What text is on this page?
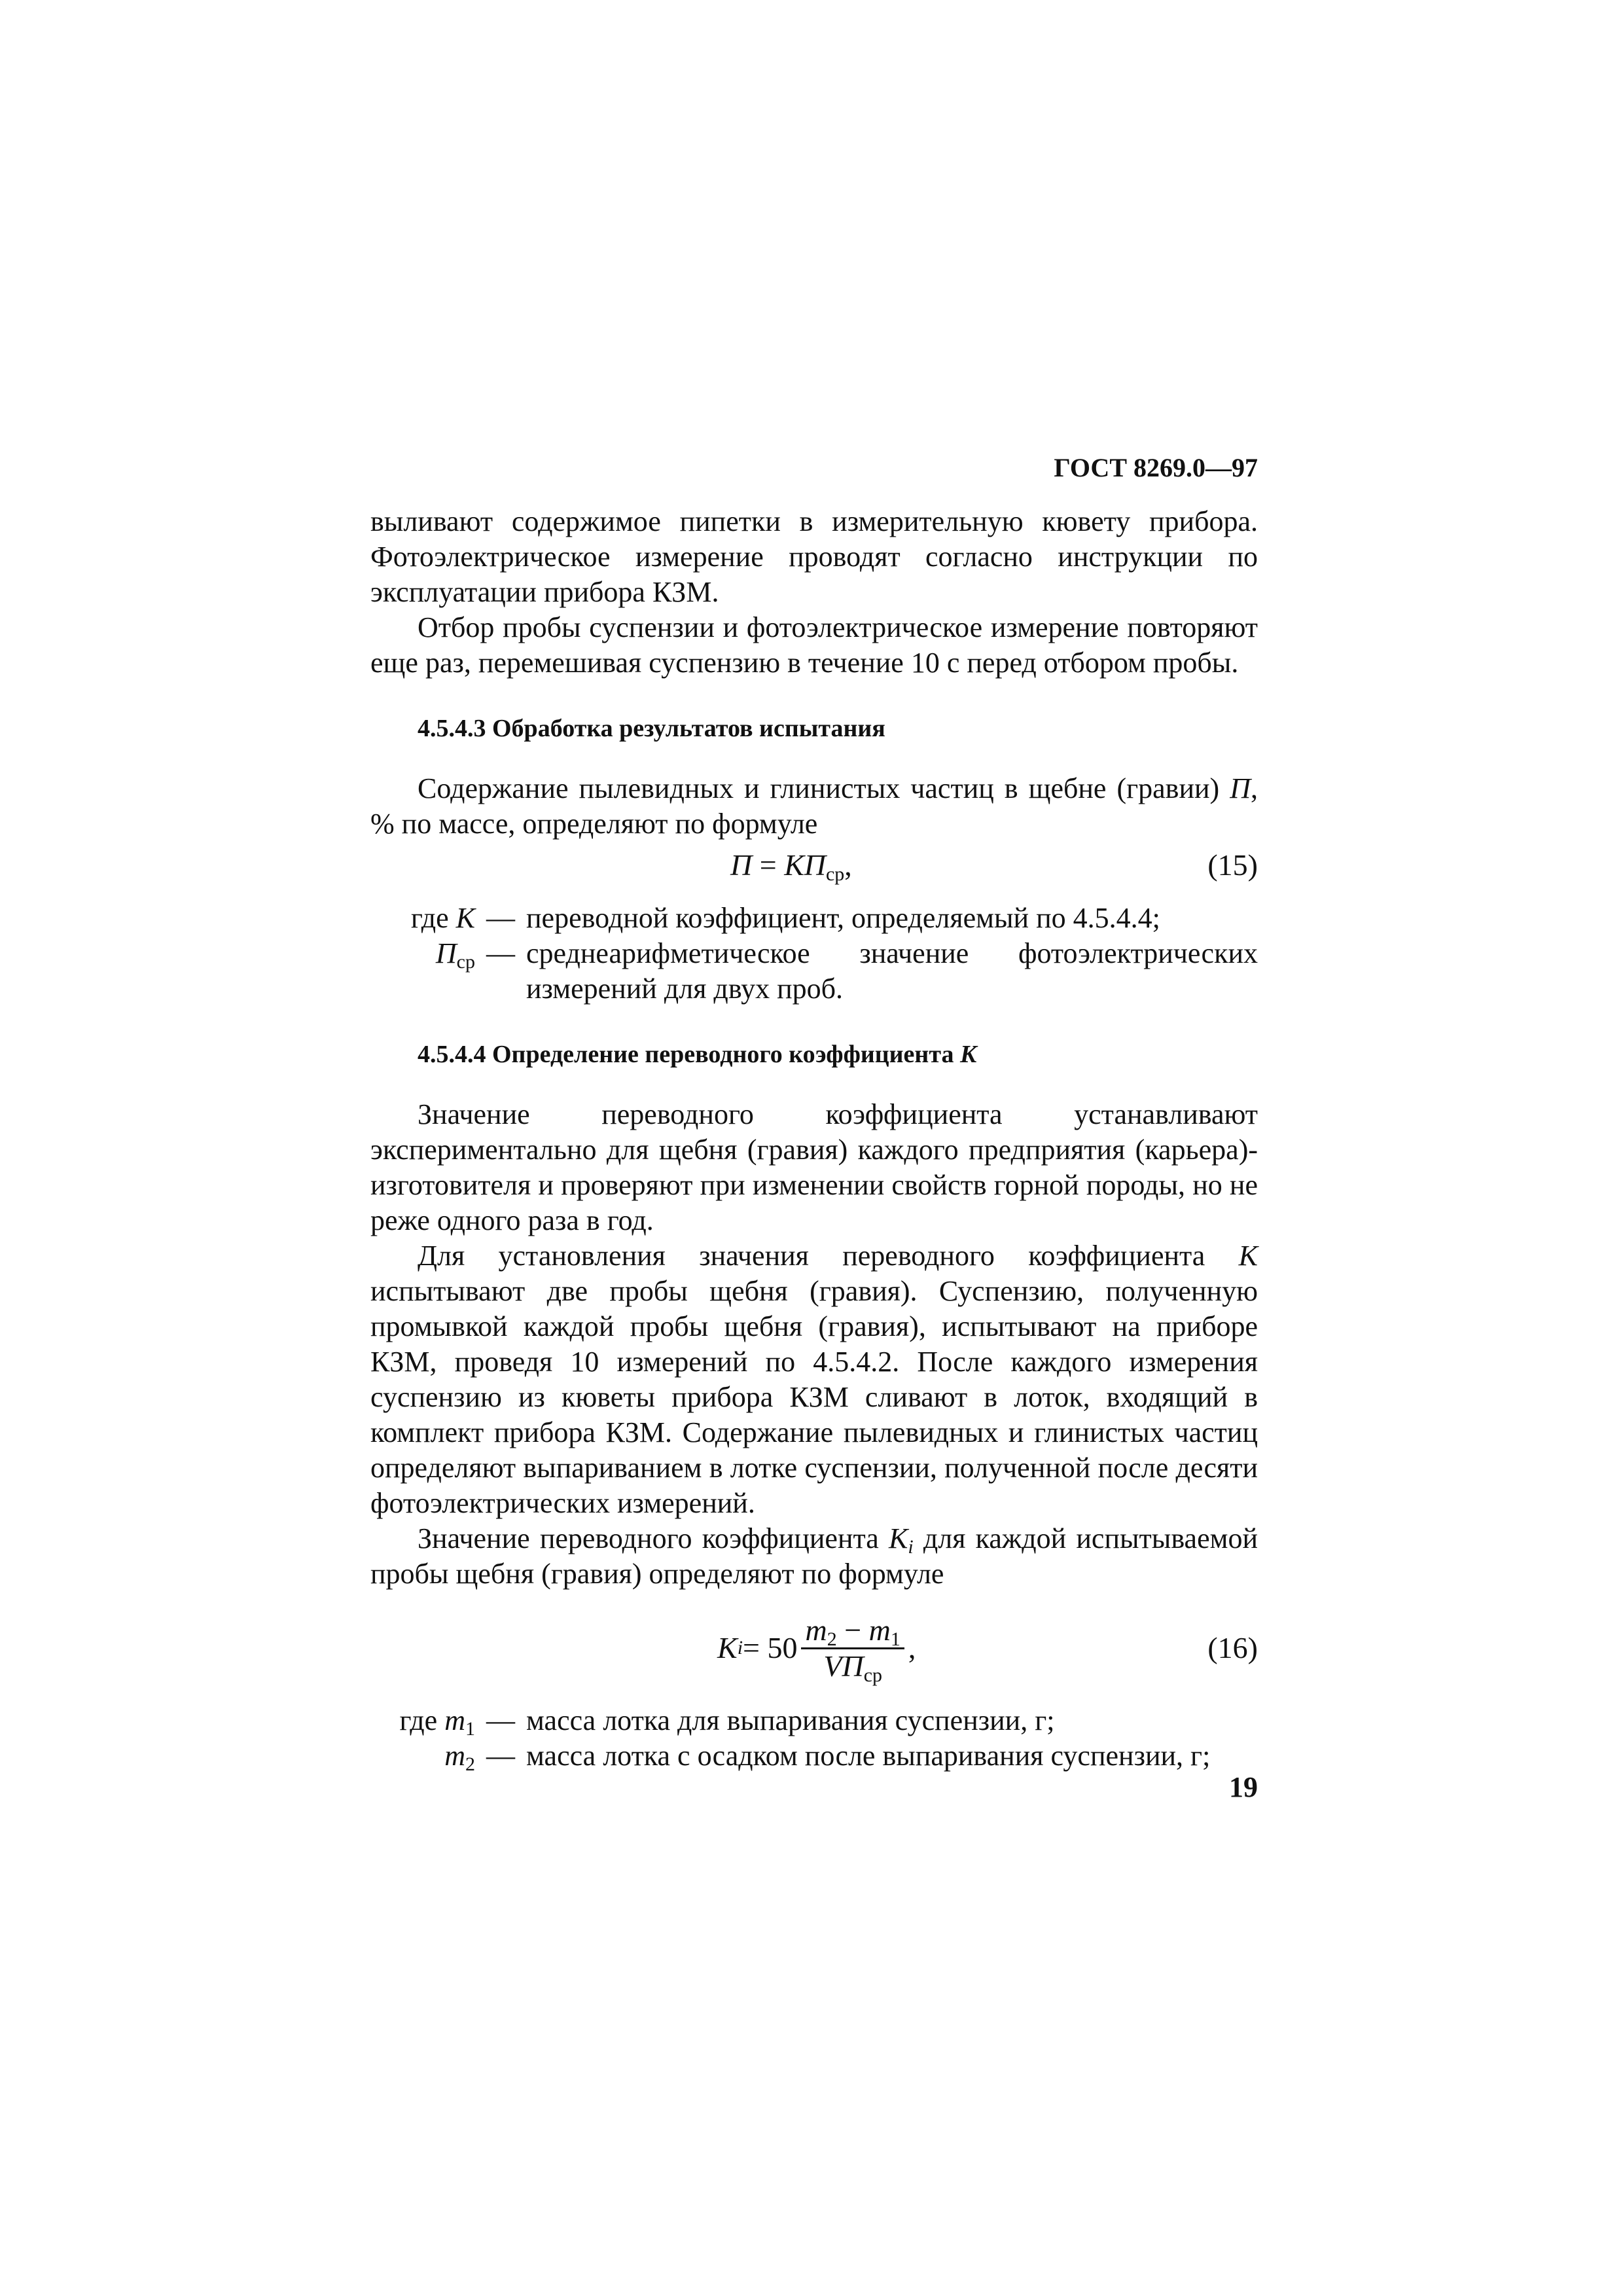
ГОСТ 8269.0—97

выливают содержимое пипетки в измерительную кювету прибора. Фотоэлектрическое измерение проводят согласно инструкции по эксплуатации прибора КЗМ.

Отбор пробы суспензии и фотоэлектрическое измерение повторяют еще раз, перемешивая суспензию в течение 10 с перед отбором пробы.

4.5.4.3 Обработка результатов испытания

Содержание пылевидных и глинистых частиц в щебне (гравии) П, % по массе, определяют по формуле

$П = КП_{ср}$,	(15)
где K — переводной коэффициент, определяемый по 4.5.4.4;
$П_{ср}$ — среднеарифметическое значение фотоэлектрических измерений для двух проб.

4.5.4.4 Определение переводного коэффициента K

Значение переводного коэффициента устанавливают экспериментально для щебня (гравия) каждого предприятия (карьера)-изготовителя и проверяют при изменении свойств горной породы, но не реже одного раза в год.

Для установления значения переводного коэффициента K испытывают две пробы щебня (гравия). Суспензию, полученную промывкой каждой пробы щебня (гравия), испытывают на приборе КЗМ, проведя 10 измерений по 4.5.4.2. После каждого измерения суспензию из кюветы прибора КЗМ сливают в лоток, входящий в комплект прибора КЗМ. Содержание пылевидных и глинистых частиц определяют выпариванием в лотке суспензии, полученной после десяти фотоэлектрических измерений.

Значение переводного коэффициента $K_i$ для каждой испытываемой пробы щебня (гравия) определяют по формуле

K $i = 50 \frac{m_2 - m_1}{VП_{ср}}$ ,	(16)
где $m_1$ — масса лотка для выпаривания суспензии, г;
$m_2$ — масса лотка с осадком после выпаривания суспензии, г;
19
